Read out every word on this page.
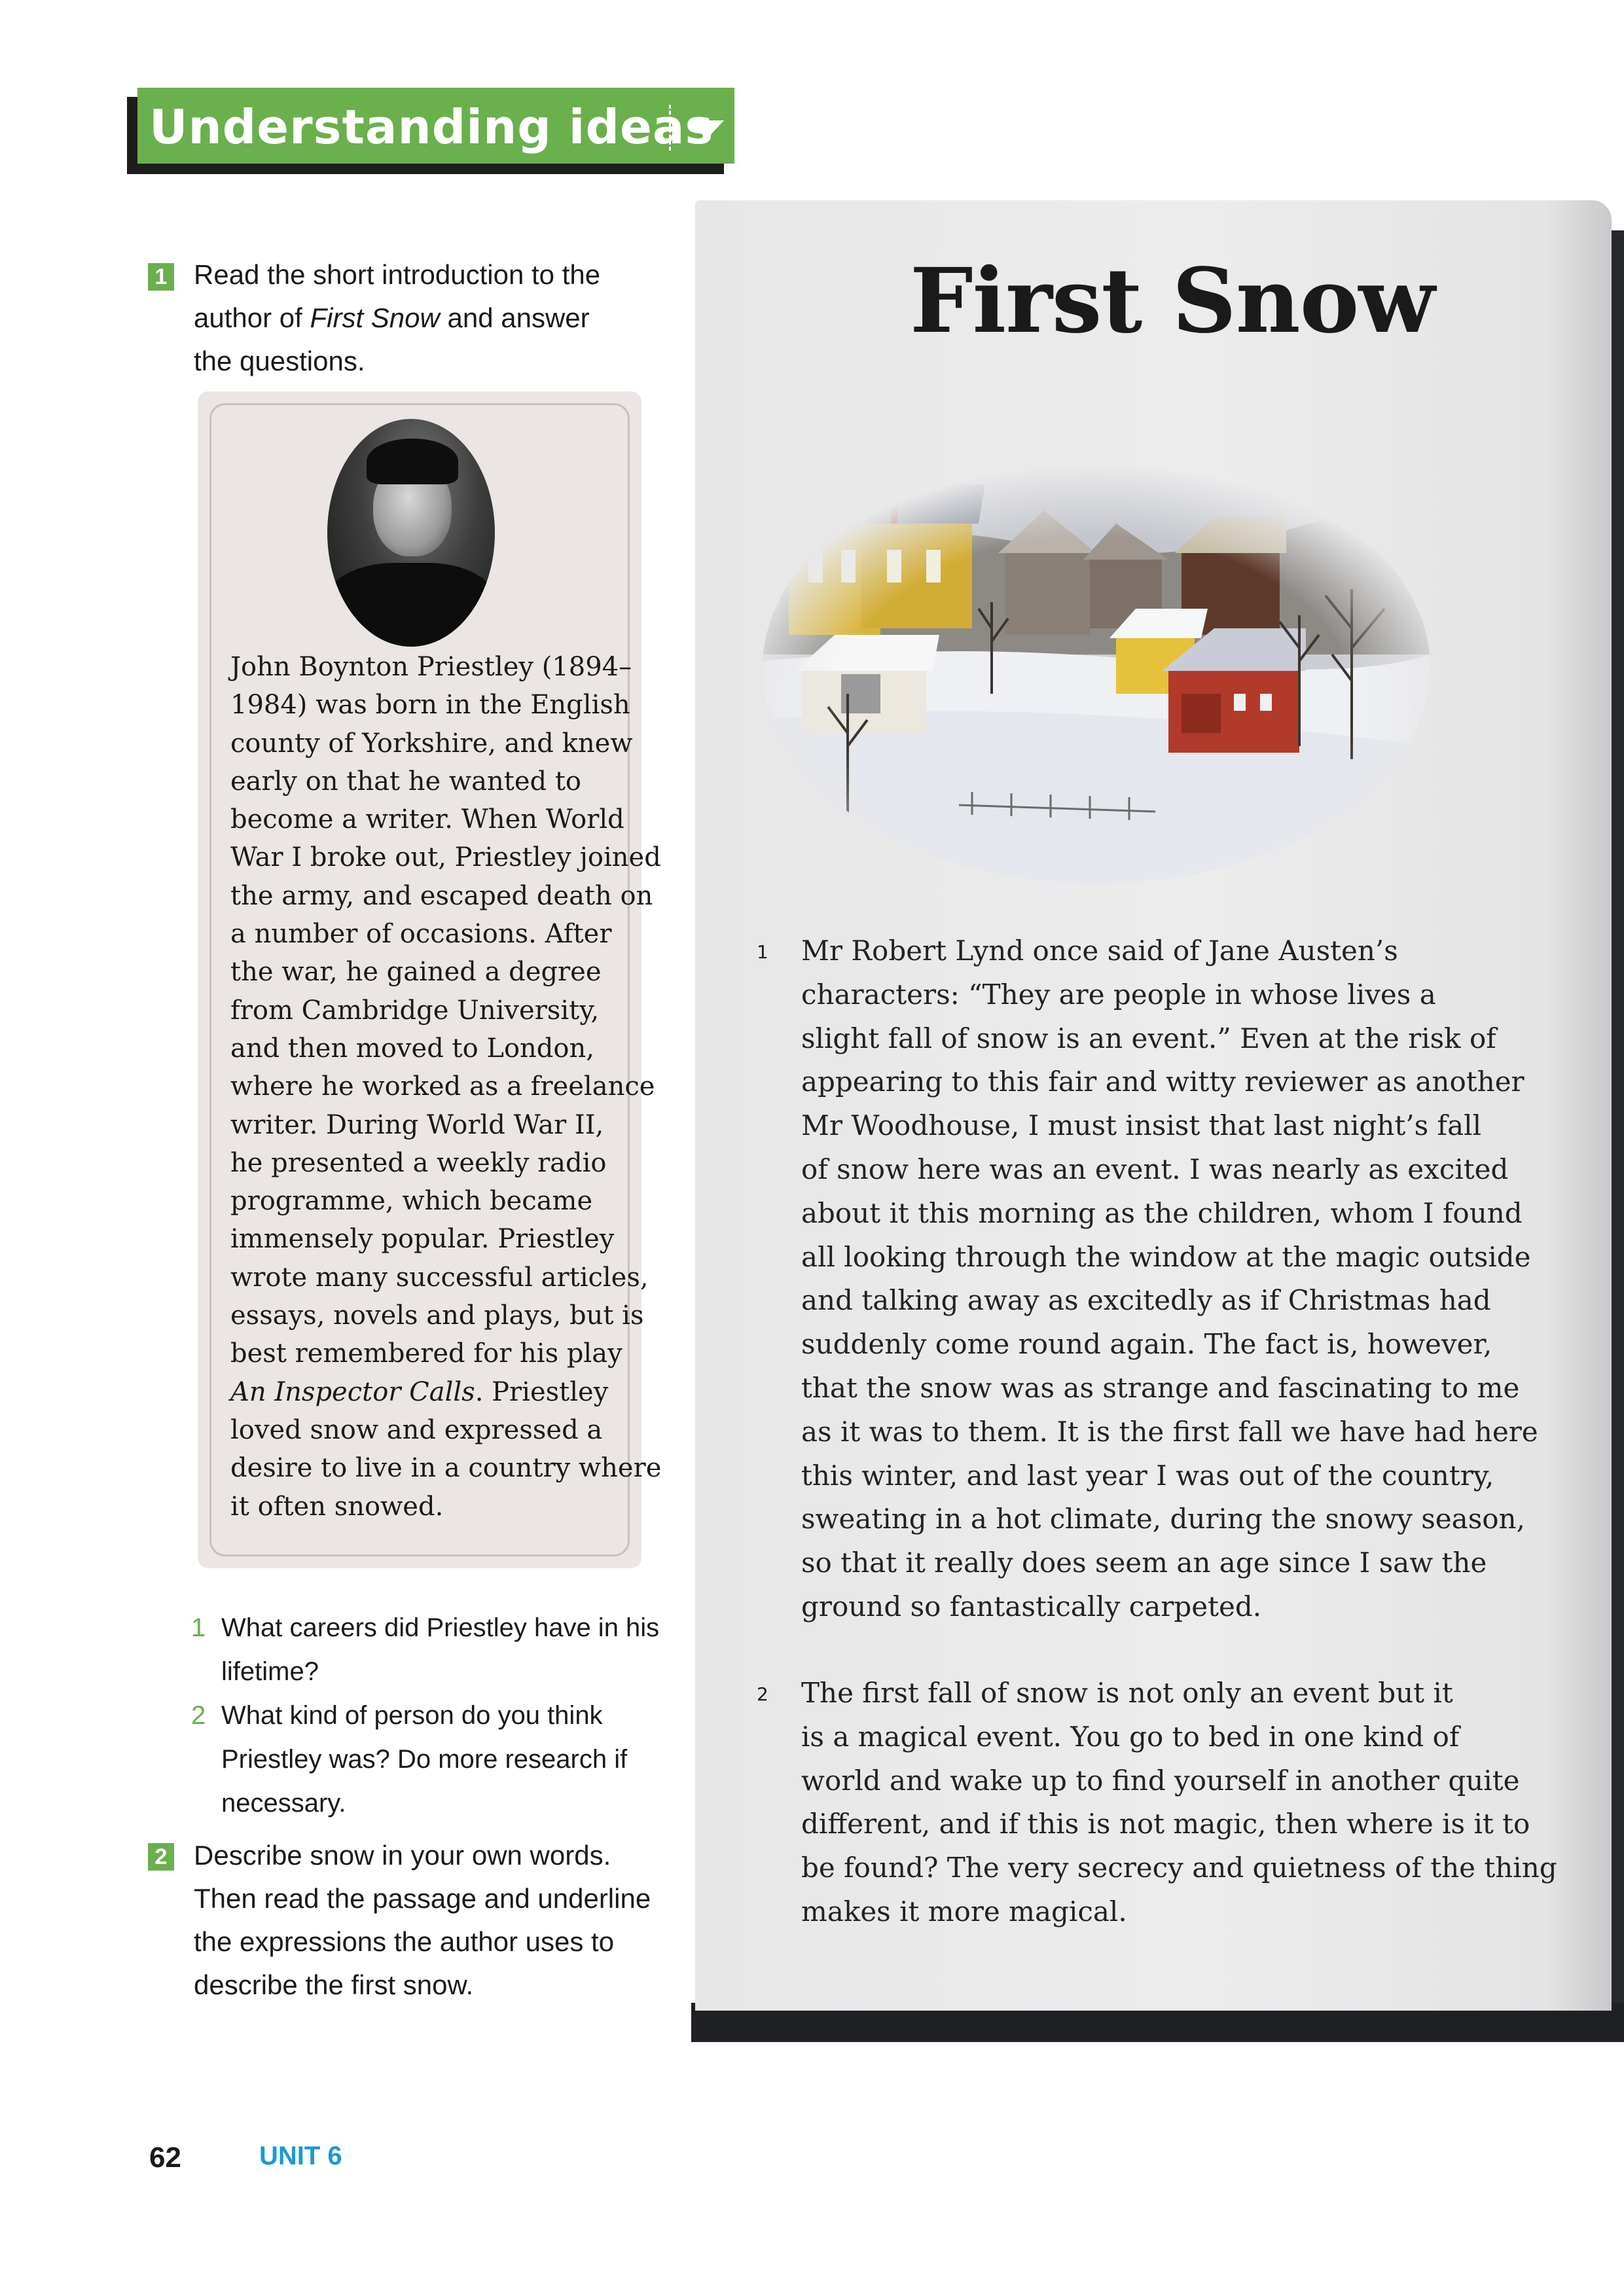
Understanding ideas
1 Read the short introduction to the
author of First Snow and answer
the questions.
John Boynton Priestley (1894–
1984) was born in the English
county of Yorkshire, and knew
early on that he wanted to
become a writer. When World
War I broke out, Priestley joined
the army, and escaped death on
a number of occasions. After
the war, he gained a degree
from Cambridge University,
and then moved to London,
where he worked as a freelance
writer. During World War II,
he presented a weekly radio
programme, which became
immensely popular. Priestley
wrote many successful articles,
essays, novels and plays, but is
best remembered for his play
An Inspector Calls. Priestley
loved snow and expressed a
desire to live in a country where
it often snowed.
1 What careers did Priestley have in his
lifetime?
2 What kind of person do you think
Priestley was? Do more research if
necessary.
2 Describe snow in your own words.
Then read the passage and underline
the expressions the author uses to
describe the first snow.
62	UNIT 6
First Snow
1 Mr Robert Lynd once said of Jane Austen’s
characters: “They are people in whose lives a
slight fall of snow is an event.” Even at the risk of
appearing to this fair and witty reviewer as another
Mr Woodhouse, I must insist that last night’s fall
of snow here was an event. I was nearly as excited
about it this morning as the children, whom I found
all looking through the window at the magic outside
and talking away as excitedly as if Christmas had
suddenly come round again. The fact is, however,
that the snow was as strange and fascinating to me
as it was to them. It is the first fall we have had here
this winter, and last year I was out of the country,
sweating in a hot climate, during the snowy season,
so that it really does seem an age since I saw the
ground so fantastically carpeted.
2 The first fall of snow is not only an event but it
is a magical event. You go to bed in one kind of
world and wake up to find yourself in another quite
different, and if this is not magic, then where is it to
be found? The very secrecy and quietness of the thing
makes it more magical.
